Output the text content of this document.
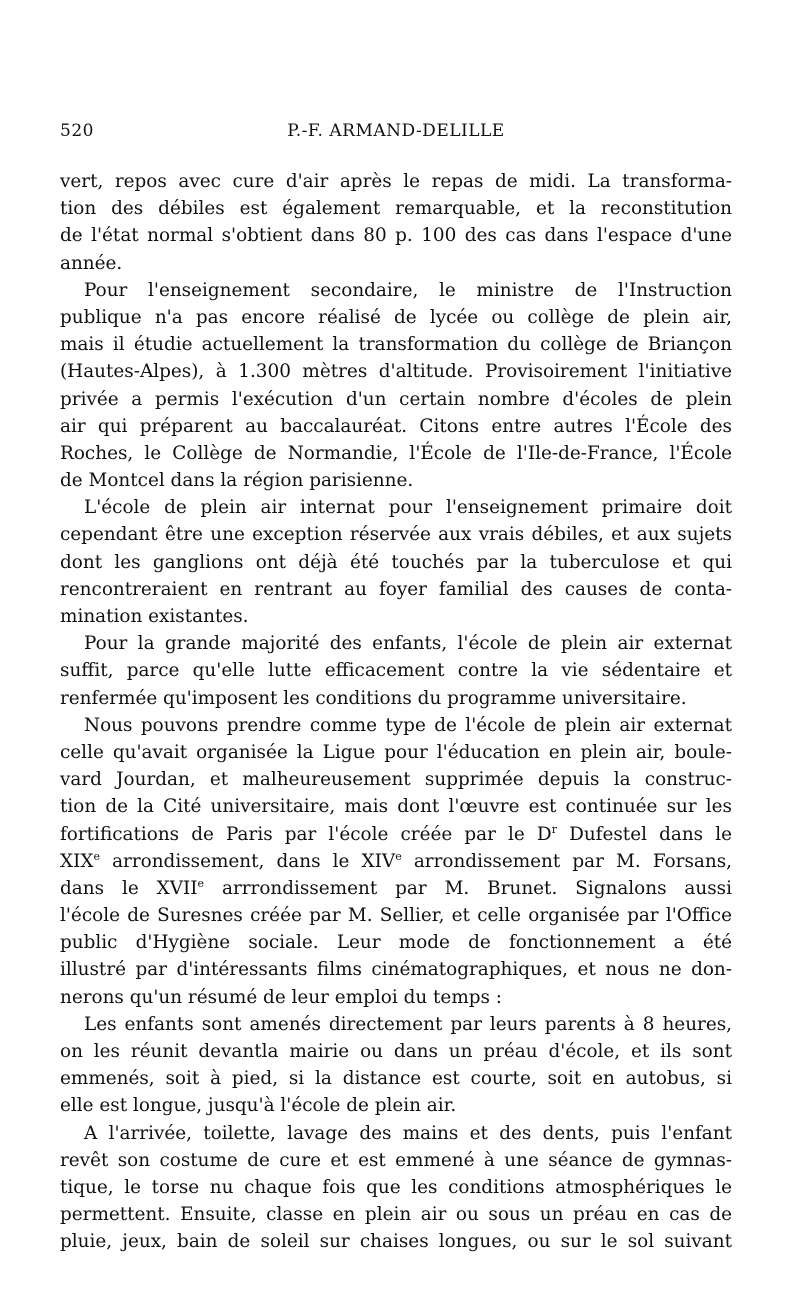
520	P.-F. ARMAND-DELILLE
vert, repos avec cure d'air après le repas de midi. La transforma-
tion des débiles est également remarquable, et la reconstitution
de l'état normal s'obtient dans 80 p. 100 des cas dans l'espace d'une
année.
Pour l'enseignement secondaire, le ministre de l'Instruction
publique n'a pas encore réalisé de lycée ou collège de plein air,
mais il étudie actuellement la transformation du collège de Briançon
(Hautes-Alpes), à 1.300 mètres d'altitude. Provisoirement l'initiative
privée a permis l'exécution d'un certain nombre d'écoles de plein
air qui préparent au baccalauréat. Citons entre autres l'École des
Roches, le Collège de Normandie, l'École de l'Ile-de-France, l'École
de Montcel dans la région parisienne.
L'école de plein air internat pour l'enseignement primaire doit
cependant être une exception réservée aux vrais débiles, et aux sujets
dont les ganglions ont déjà été touchés par la tuberculose et qui
rencontreraient en rentrant au foyer familial des causes de conta-
mination existantes.
Pour la grande majorité des enfants, l'école de plein air externat
suffit, parce qu'elle lutte efficacement contre la vie sédentaire et
renfermée qu'imposent les conditions du programme universitaire.
Nous pouvons prendre comme type de l'école de plein air externat
celle qu'avait organisée la Ligue pour l'éducation en plein air, boule-
vard Jourdan, et malheureusement supprimée depuis la construc-
tion de la Cité universitaire, mais dont l'œuvre est continuée sur les
fortifications de Paris par l'école créée par le $D^r$ Dufestel dans le
XIXe arrondissement, dans le XIVe arrondissement par M. Forsans,
dans le XVIIe arrrondissement par M. Brunet. Signalons aussi
l'école de Suresnes créée par M. Sellier, et celle organisée par l'Office
public d'Hygiène sociale. Leur mode de fonctionnement a été
illustré par d'intéressants films cinématographiques, et nous ne don-
nerons qu'un résumé de leur emploi du temps :
Les enfants sont amenés directement par leurs parents à 8 heures,
on les réunit devantla mairie ou dans un préau d'école, et ils sont
emmenés, soit à pied, si la distance est courte, soit en autobus, si
elle est longue, jusqu'à l'école de plein air.
A l'arrivée, toilette, lavage des mains et des dents, puis l'enfant
revêt son costume de cure et est emmené à une séance de gymnas-
tique, le torse nu chaque fois que les conditions atmosphériques le
permettent. Ensuite, classe en plein air ou sous un préau en cas de
pluie, jeux, bain de soleil sur chaises longues, ou sur le sol suivant
